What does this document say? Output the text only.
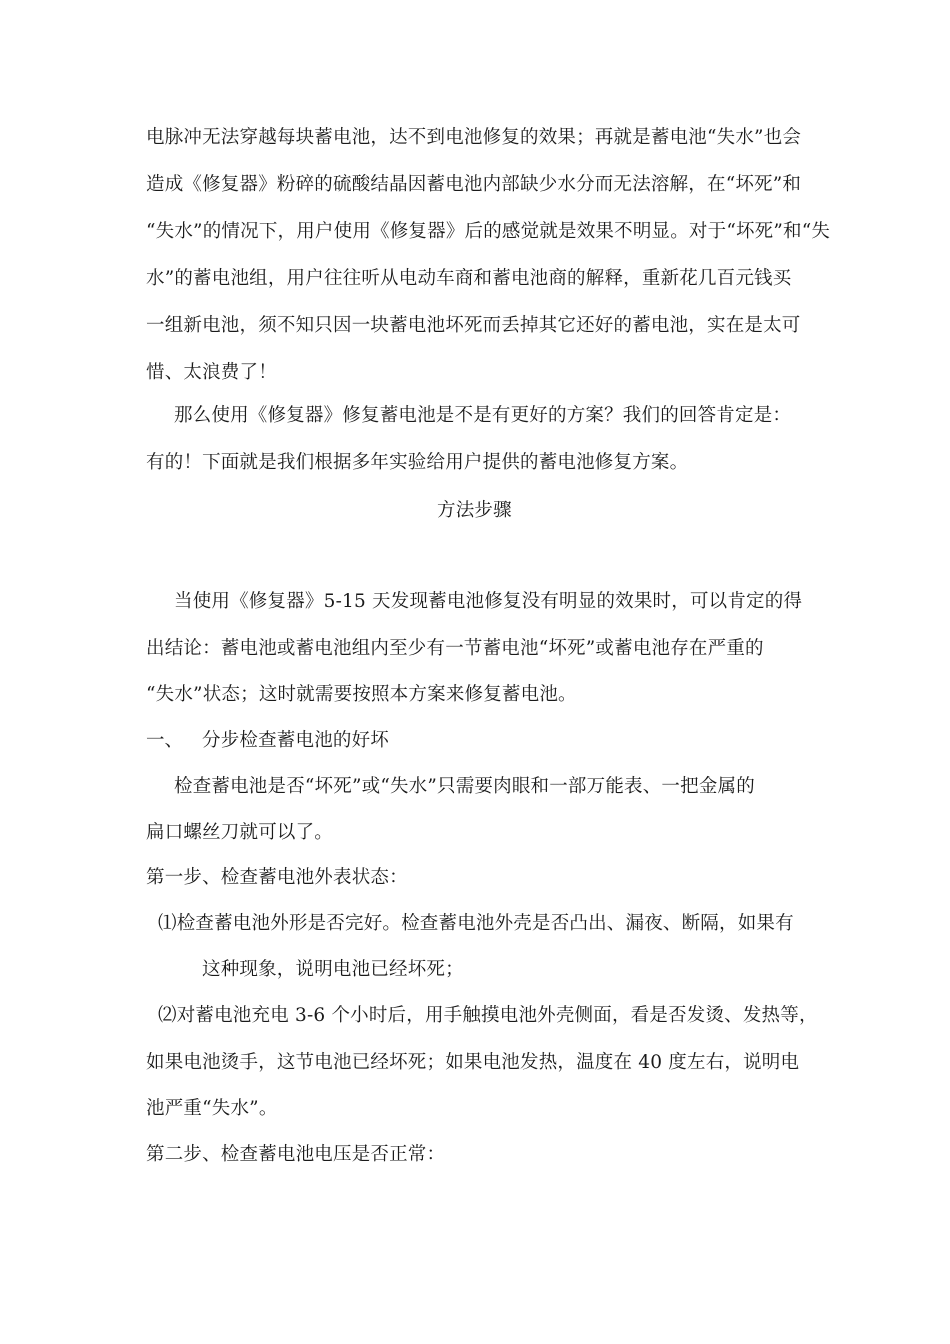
电脉冲无法穿越每块蓄电池，达不到电池修复的效果；再就是蓄电池“失水”也会
造成《修复器》粉碎的硫酸结晶因蓄电池内部缺少水分而无法溶解，在“坏死”和
“失水”的情况下，用户使用《修复器》后的感觉就是效果不明显。对于“坏死”和“失
水”的蓄电池组，用户往往听从电动车商和蓄电池商的解释，重新花几百元钱买
一组新电池，须不知只因一块蓄电池坏死而丢掉其它还好的蓄电池，实在是太可
惜、太浪费了！
那么使用《修复器》修复蓄电池是不是有更好的方案？我们的回答肯定是：
有的！下面就是我们根据多年实验给用户提供的蓄电池修复方案。
方法步骤
当使用《修复器》5-15 天发现蓄电池修复没有明显的效果时，可以肯定的得
出结论：蓄电池或蓄电池组内至少有一节蓄电池“坏死”或蓄电池存在严重的
“失水”状态；这时就需要按照本方案来修复蓄电池。
一、 分步检查蓄电池的好坏
检查蓄电池是否“坏死”或“失水”只需要肉眼和一部万能表、一把金属的
扁口螺丝刀就可以了。
第一步、检查蓄电池外表状态：
⑴检查蓄电池外形是否完好。检查蓄电池外壳是否凸出、漏夜、断隔，如果有
这种现象，说明电池已经坏死；
⑵对蓄电池充电 3-6 个小时后，用手触摸电池外壳侧面，看是否发烫、发热等，
如果电池烫手，这节电池已经坏死；如果电池发热，温度在 40 度左右，说明电
池严重“失水”。
第二步、检查蓄电池电压是否正常：
